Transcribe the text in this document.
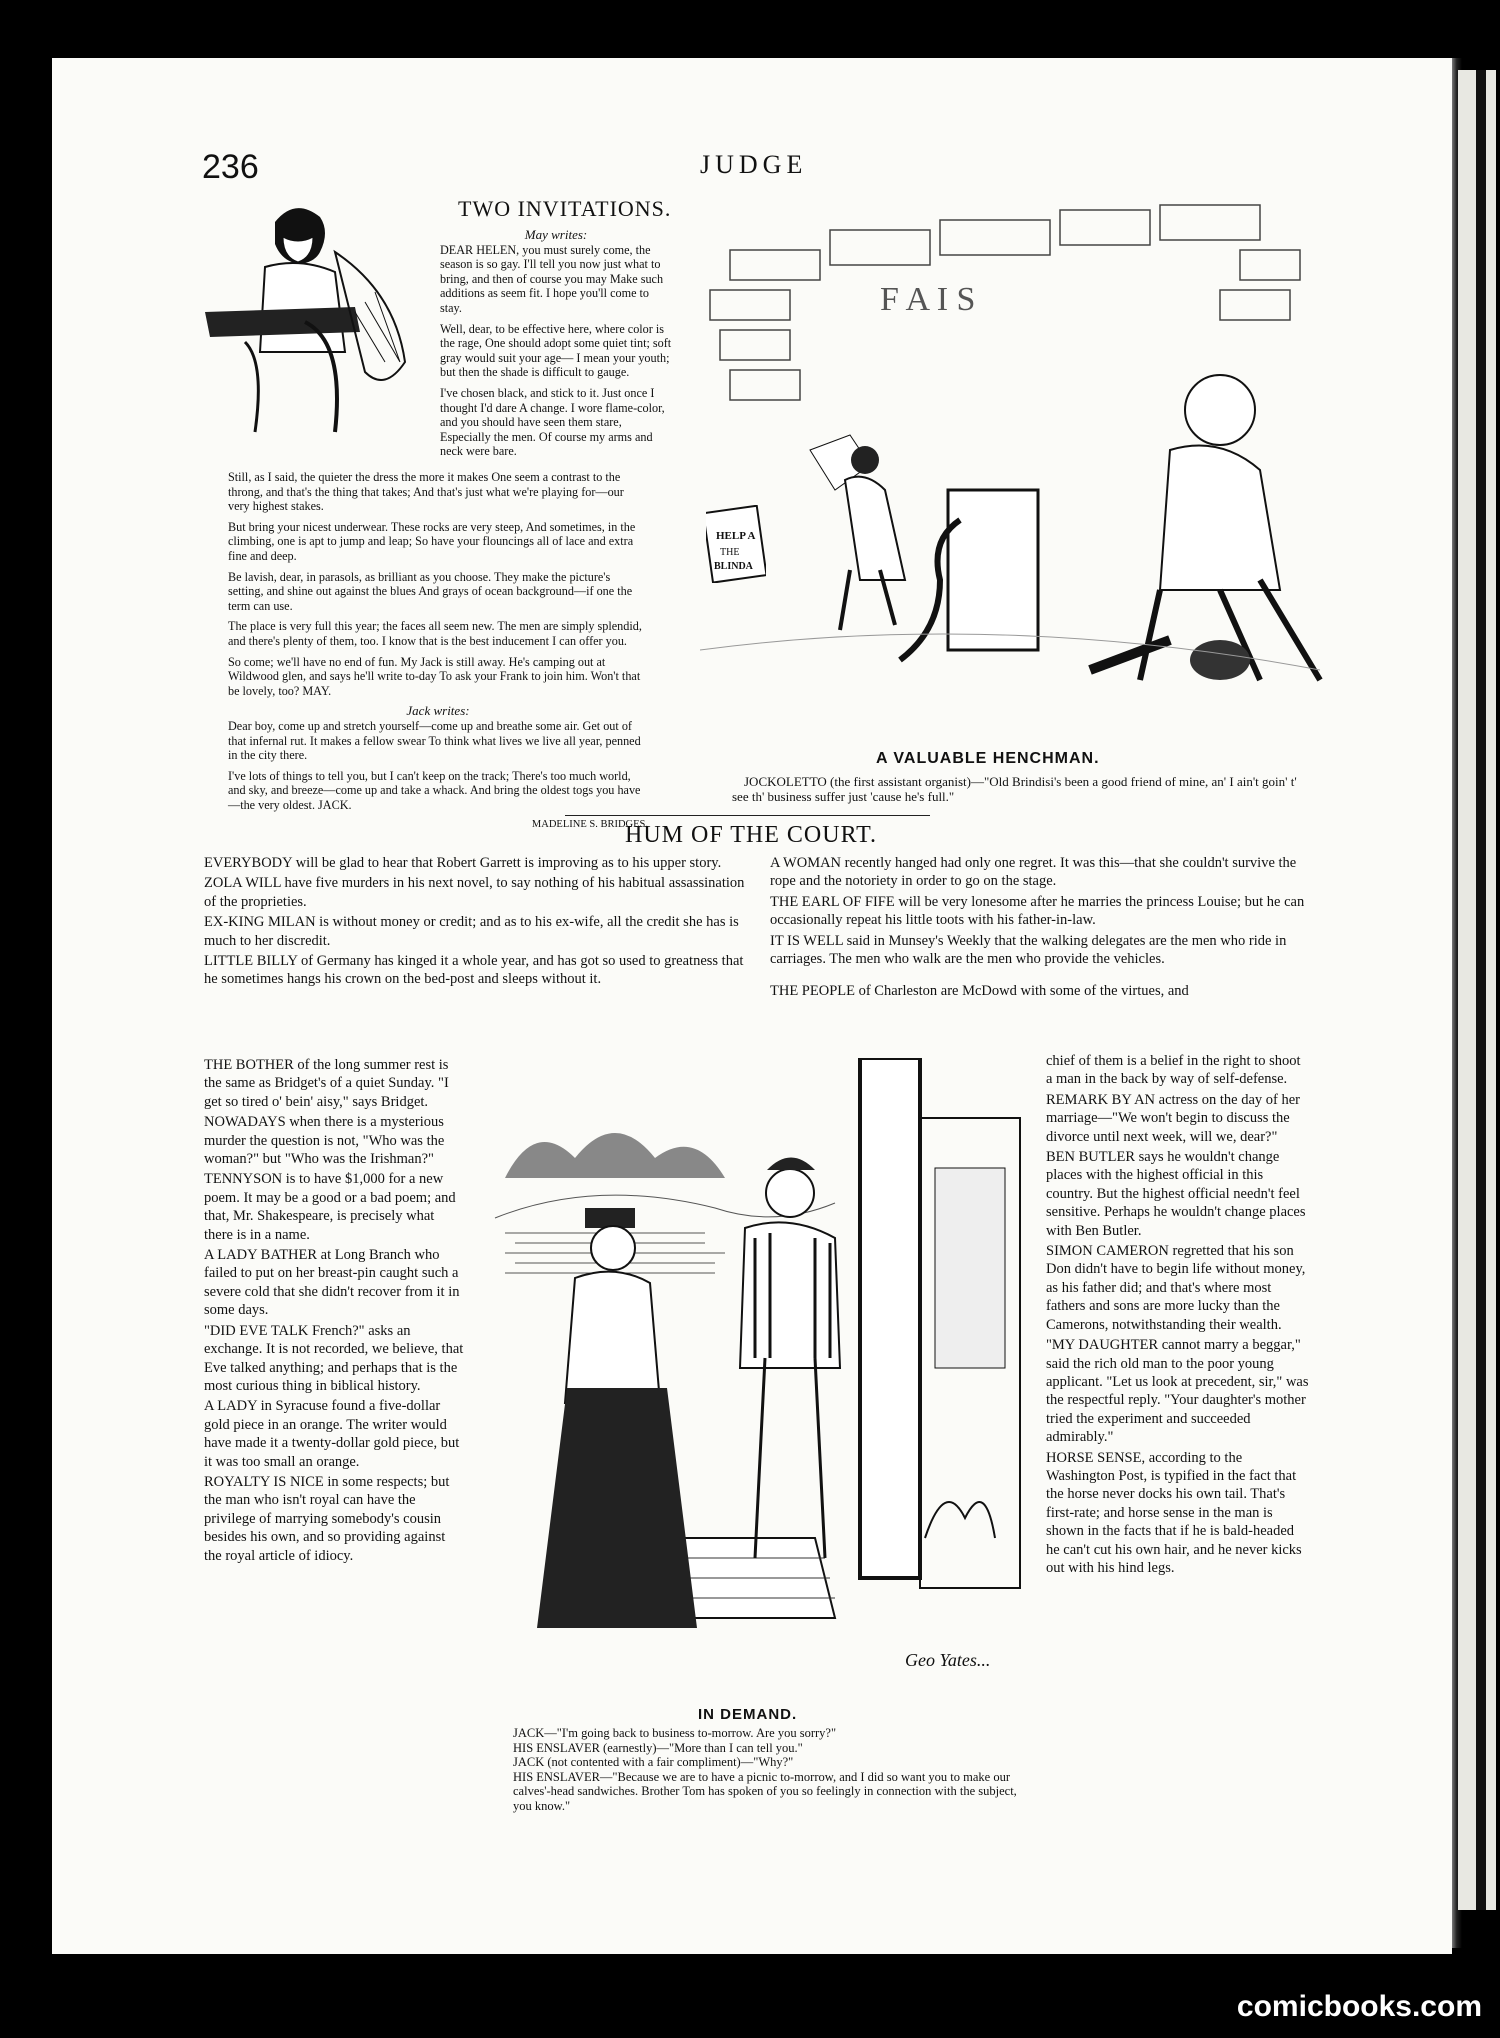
236	JUDGE
TWO INVITATIONS.
May writes:

DEAR HELEN, you must surely come, the season is so gay. I'll tell you now just what to bring, and then of course you may Make such additions as seem fit. I hope you'll come to stay.

Well, dear, to be effective here, where color is the rage, One should adopt some quiet tint; soft gray would suit your age— I mean your youth; but then the shade is difficult to gauge.

I've chosen black, and stick to it. Just once I thought I'd dare A change. I wore flame-color, and you should have seen them stare, Especially the men. Of course my arms and neck were bare.

Still, as I said, the quieter the dress the more it makes One seem a contrast to the throng, and that's the thing that takes; And that's just what we're playing for—our very highest stakes.

But bring your nicest underwear. These rocks are very steep, And sometimes, in the climbing, one is apt to jump and leap; So have your flouncings all of lace and extra fine and deep.

Be lavish, dear, in parasols, as brilliant as you choose. They make the picture's setting, and shine out against the blues And grays of ocean background—if one the term can use.

The place is very full this year; the faces all seem new. The men are simply splendid, and there's plenty of them, too. I know that is the best inducement I can offer you.

So come; we'll have no end of fun. My Jack is still away. He's camping out at Wildwood glen, and says he'll write to-day To ask your Frank to join him. Won't that be lovely, too? MAY.

Jack writes:

Dear boy, come up and stretch yourself—come up and breathe some air. Get out of that infernal rut. It makes a fellow swear To think what lives we live all year, penned in the city there.

I've lots of things to tell you, but I can't keep on the track; There's too much world, and sky, and breeze—come up and take a whack. And bring the oldest togs you have—the very oldest. JACK.

MADELINE S. BRIDGES.
F A I S
HELP A
THE
BLINDA
A VALUABLE HENCHMAN.
JOCKOLETTO (the first assistant organist)—"Old Brindisi's been a good friend of mine, an' I ain't goin' t' see th' business suffer just 'cause he's full."
HUM OF THE COURT.

EVERYBODY will be glad to hear that Robert Garrett is improving as to his upper story.

ZOLA WILL have five murders in his next novel, to say nothing of his habitual assassination of the proprieties.

EX-KING MILAN is without money or credit; and as to his ex-wife, all the credit she has is much to her discredit.

LITTLE BILLY of Germany has kinged it a whole year, and has got so used to greatness that he sometimes hangs his crown on the bed-post and sleeps without it.

THE BOTHER of the long summer rest is the same as Bridget's of a quiet Sunday. "I get so tired o' bein' aisy," says Bridget.

NOWADAYS when there is a mysterious murder the question is not, "Who was the woman?" but "Who was the Irishman?"

TENNYSON is to have $1,000 for a new poem. It may be a good or a bad poem; and that, Mr. Shakespeare, is precisely what there is in a name.

A LADY BATHER at Long Branch who failed to put on her breast-pin caught such a severe cold that she didn't recover from it in some days.

"DID EVE TALK French?" asks an exchange. It is not recorded, we believe, that Eve talked anything; and perhaps that is the most curious thing in biblical history.

A LADY in Syracuse found a five-dollar gold piece in an orange. The writer would have made it a twenty-dollar gold piece, but it was too small an orange.

ROYALTY IS NICE in some respects; but the man who isn't royal can have the privilege of marrying somebody's cousin besides his own, and so providing against the royal article of idiocy.

A WOMAN recently hanged had only one regret. It was this—that she couldn't survive the rope and the notoriety in order to go on the stage.

THE EARL OF FIFE will be very lonesome after he marries the princess Louise; but he can occasionally repeat his little toots with his father-in-law.

IT IS WELL said in Munsey's Weekly that the walking delegates are the men who ride in carriages. The men who walk are the men who provide the vehicles.

THE PEOPLE of Charleston are McDowd with some of the virtues, and

chief of them is a belief in the right to shoot a man in the back by way of self-defense.

REMARK BY AN actress on the day of her marriage—"We won't begin to discuss the divorce until next week, will we, dear?"

BEN BUTLER says he wouldn't change places with the highest official in this country. But the highest official needn't feel sensitive. Perhaps he wouldn't change places with Ben Butler.

SIMON CAMERON regretted that his son Don didn't have to begin life without money, as his father did; and that's where most fathers and sons are more lucky than the Camerons, notwithstanding their wealth.

"MY DAUGHTER cannot marry a beggar," said the rich old man to the poor young applicant. "Let us look at precedent, sir," was the respectful reply. "Your daughter's mother tried the experiment and succeeded admirably."

HORSE SENSE, according to the Washington Post, is typified in the fact that the horse never docks his own tail. That's first-rate; and horse sense in the man is shown in the facts that if he is bald-headed he can't cut his own hair, and he never kicks out with his hind legs.

Geo Yates...
IN DEMAND.
JACK—"I'm going back to business to-morrow. Are you sorry?"
HIS ENSLAVER (earnestly)—"More than I can tell you."
JACK (not contented with a fair compliment)—"Why?"
HIS ENSLAVER—"Because we are to have a picnic to-morrow, and I did so want you to make our calves'-head sandwiches. Brother Tom has spoken of you so feelingly in connection with the subject, you know."
comicbooks.com
